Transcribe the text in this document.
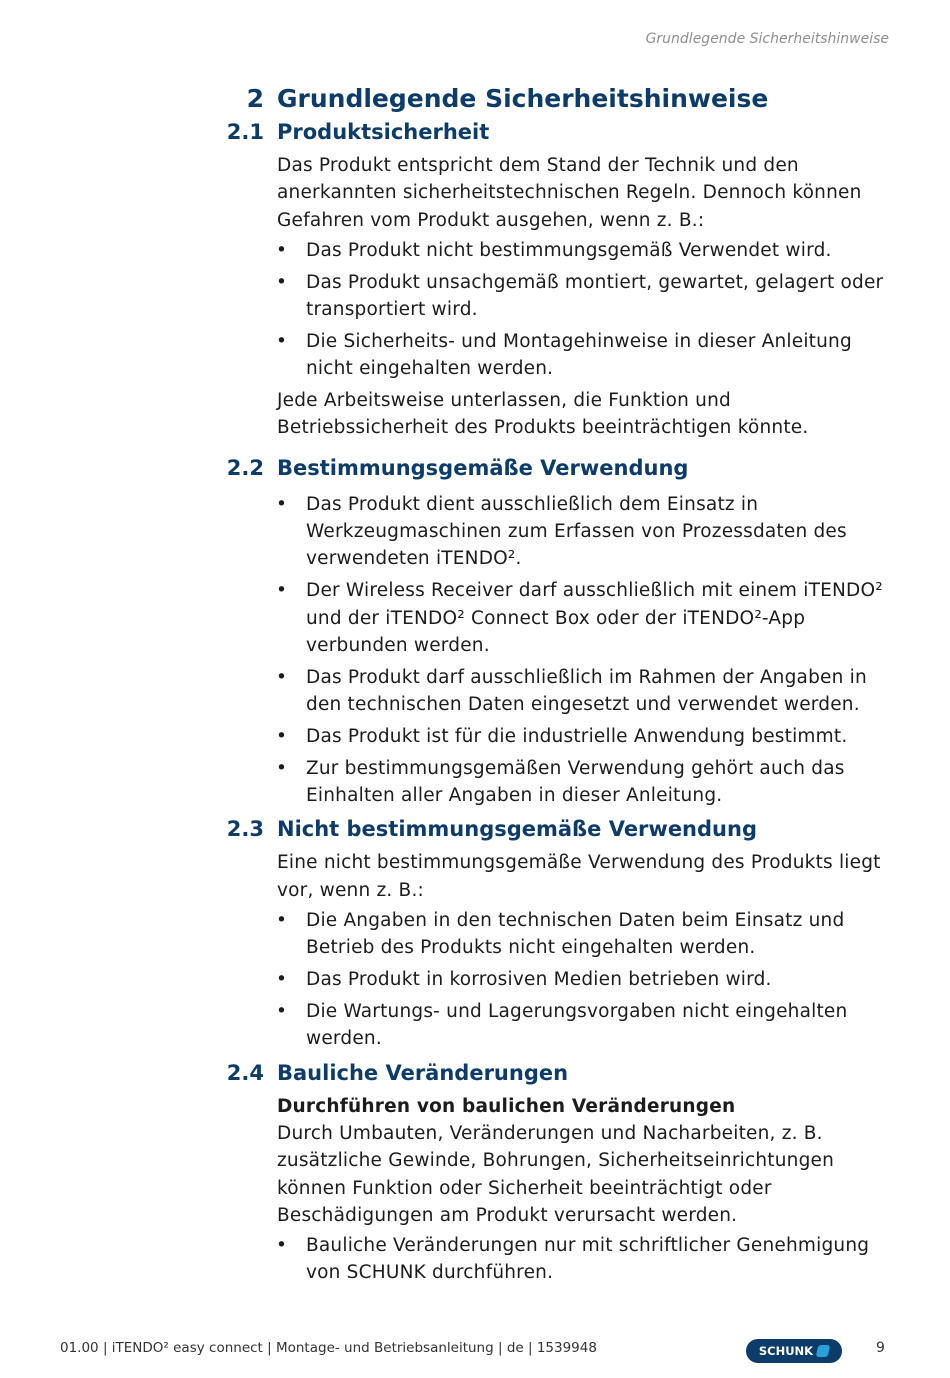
Grundlegende Sicherheitshinweise
2 Grundlegende Sicherheitshinweise
2.1 Produktsicherheit
Das Produkt entspricht dem Stand der Technik und den anerkannten sicherheitstechnischen Regeln. Dennoch können Gefahren vom Produkt ausgehen, wenn z. B.:
• Das Produkt nicht bestimmungsgemäß Verwendet wird.
• Das Produkt unsachgemäß montiert, gewartet, gelagert oder transportiert wird.
• Die Sicherheits- und Montagehinweise in dieser Anleitung nicht eingehalten werden.
Jede Arbeitsweise unterlassen, die Funktion und Betriebssicherheit des Produkts beeinträchtigen könnte.
2.2 Bestimmungsgemäße Verwendung
• Das Produkt dient ausschließlich dem Einsatz in Werkzeugmaschinen zum Erfassen von Prozessdaten des verwendeten iTENDO².
• Der Wireless Receiver darf ausschließlich mit einem iTENDO² und der iTENDO² Connect Box oder der iTENDO²-App verbunden werden.
• Das Produkt darf ausschließlich im Rahmen der Angaben in den technischen Daten eingesetzt und verwendet werden.
• Das Produkt ist für die industrielle Anwendung bestimmt.
• Zur bestimmungsgemäßen Verwendung gehört auch das Einhalten aller Angaben in dieser Anleitung.
2.3 Nicht bestimmungsgemäße Verwendung
Eine nicht bestimmungsgemäße Verwendung des Produkts liegt vor, wenn z. B.:
• Die Angaben in den technischen Daten beim Einsatz und Betrieb des Produkts nicht eingehalten werden.
• Das Produkt in korrosiven Medien betrieben wird.
• Die Wartungs- und Lagerungsvorgaben nicht eingehalten werden.
2.4 Bauliche Veränderungen
Durchführen von baulichen Veränderungen
Durch Umbauten, Veränderungen und Nacharbeiten, z. B. zusätzliche Gewinde, Bohrungen, Sicherheitseinrichtungen können Funktion oder Sicherheit beeinträchtigt oder Beschädigungen am Produkt verursacht werden.
• Bauliche Veränderungen nur mit schriftlicher Genehmigung von SCHUNK durchführen.
01.00 | iTENDO² easy connect | Montage- und Betriebsanleitung | de | 1539948	SCHUNK	9
